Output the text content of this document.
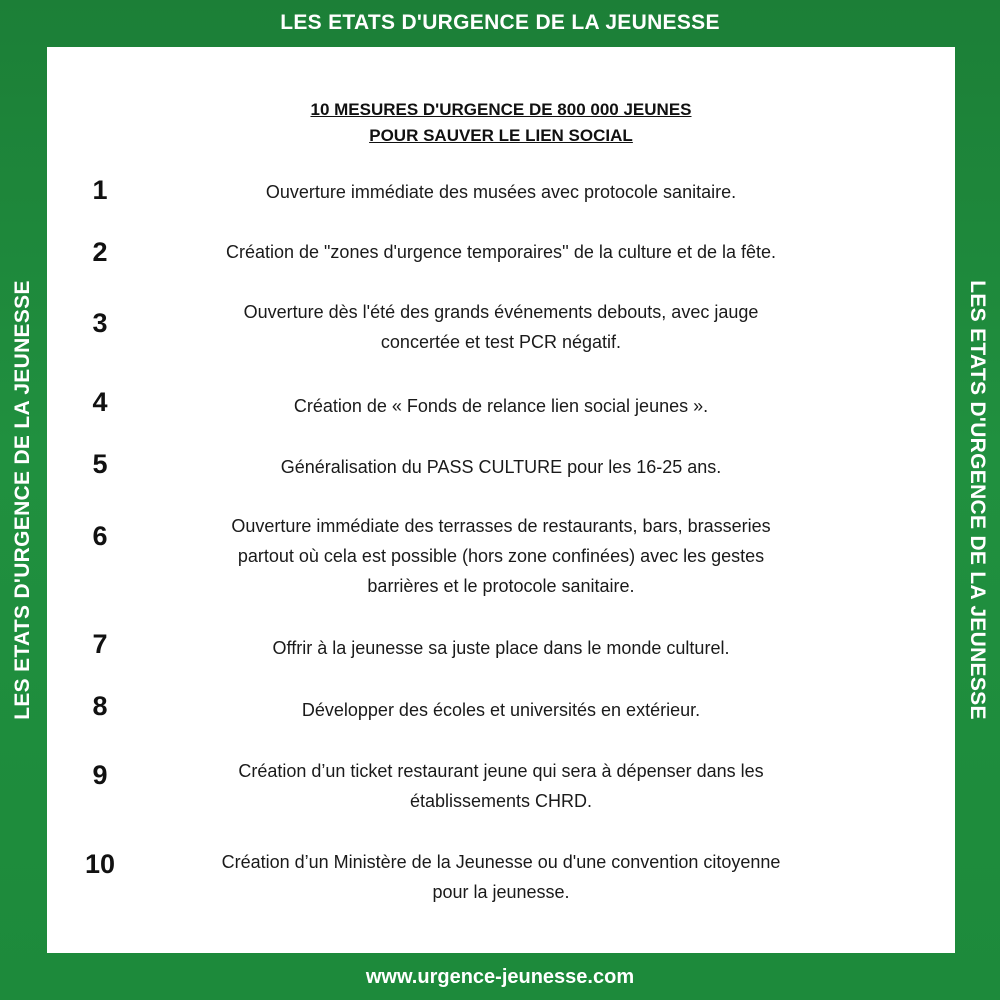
LES ETATS D'URGENCE DE LA JEUNESSE
LES ETATS D'URGENCE DE LA JEUNESSE	LES ETATS D'URGENCE DE LA JEUNESSE
www.urgence-jeunesse.com
10 MESURES D'URGENCE DE 800 000 JEUNES
POUR SAUVER LE LIEN SOCIAL
1	Ouverture immédiate des musées avec protocole sanitaire.
2	Création de "zones d'urgence temporaires'' de la culture et de la fête.
3	Ouverture dès l'été des grands événements debouts, avec jauge
concertée et test PCR négatif.
4	Création de « Fonds de relance lien social jeunes ».
5	Généralisation du PASS CULTURE pour les 16-25 ans.
6	Ouverture immédiate des terrasses de restaurants, bars, brasseries
partout où cela est possible (hors zone confinées) avec les gestes
barrières et le protocole sanitaire.
7	Offrir à la jeunesse sa juste place dans le monde culturel.
8	Développer des écoles et universités en extérieur.
9	Création d’un ticket restaurant jeune qui sera à dépenser dans les
établissements CHRD.
10	Création d’un Ministère de la Jeunesse ou d'une convention citoyenne
pour la jeunesse.
